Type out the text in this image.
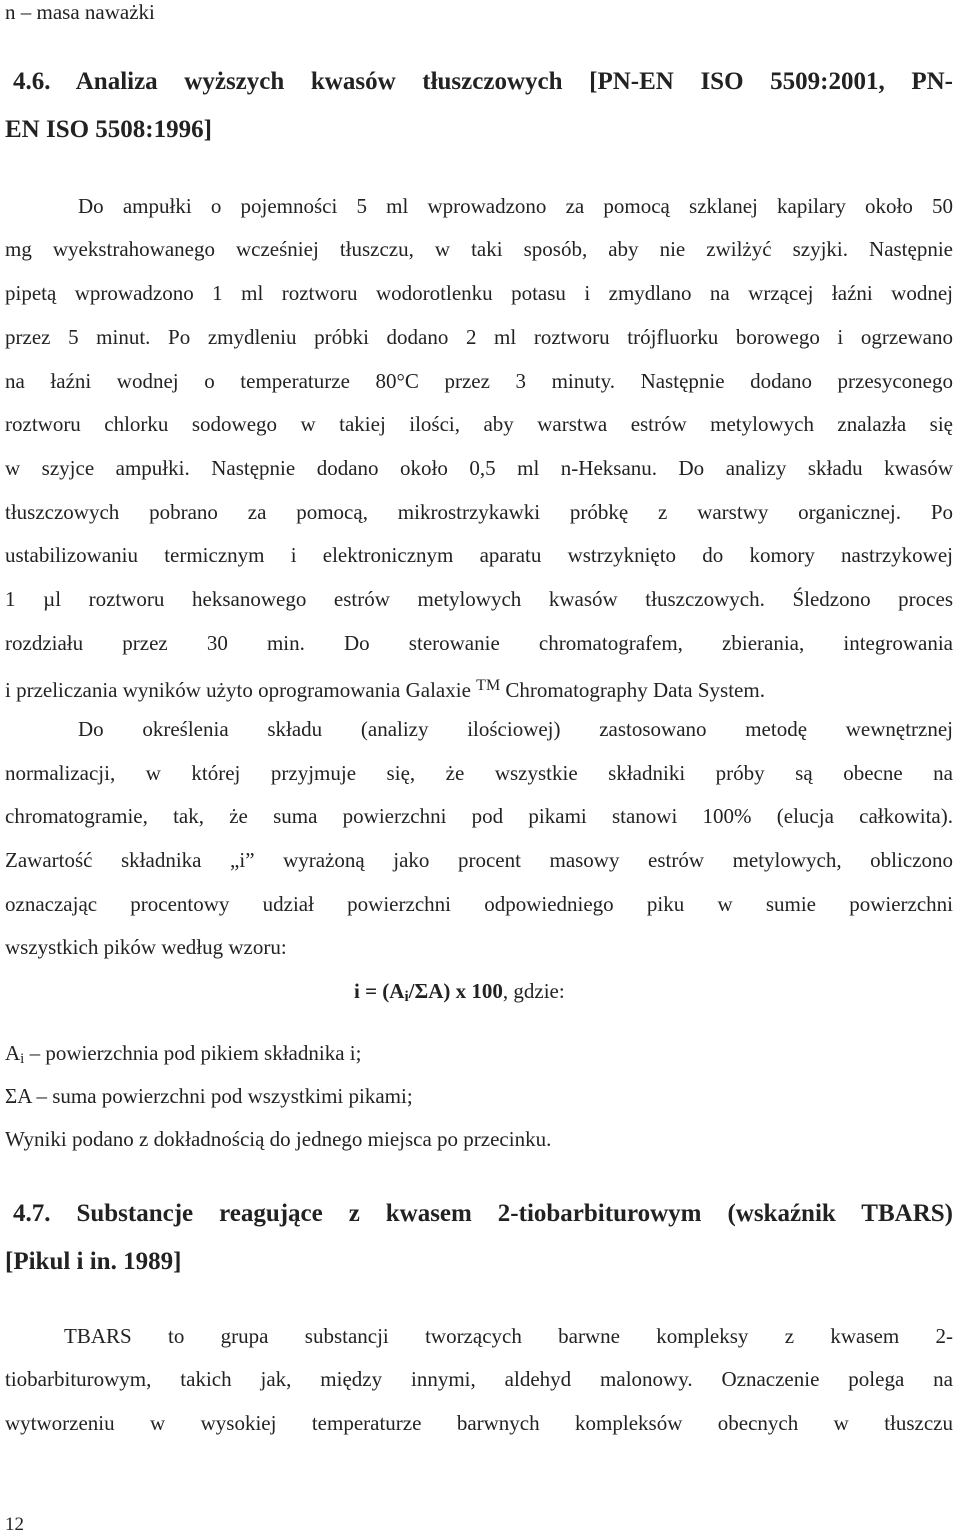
n – masa naważki
4.6. Analiza wyższych kwasów tłuszczowych [PN-EN ISO 5509:2001, PN-
EN ISO 5508:1996]
Do ampułki o pojemności 5 ml wprowadzono za pomocą szklanej kapilary około 50
mg wyekstrahowanego wcześniej tłuszczu, w taki sposób, aby nie zwilżyć szyjki. Następnie
pipetą wprowadzono 1 ml roztworu wodorotlenku potasu i zmydlano na wrzącej łaźni wodnej
przez 5 minut. Po zmydleniu próbki dodano 2 ml roztworu trójfluorku borowego i ogrzewano
na łaźni wodnej o temperaturze 80°C przez 3 minuty. Następnie dodano przesyconego
roztworu chlorku sodowego w takiej ilości, aby warstwa estrów metylowych znalazła się
w szyjce ampułki. Następnie dodano około 0,5 ml n-Heksanu. Do analizy składu kwasów
tłuszczowych pobrano za pomocą, mikrostrzykawki próbkę z warstwy organicznej. Po
ustabilizowaniu termicznym i elektronicznym aparatu wstrzyknięto do komory nastrzykowej
1 µl roztworu heksanowego estrów metylowych kwasów tłuszczowych. Śledzono proces
rozdziału przez 30 min. Do sterowanie chromatografem, zbierania, integrowania
i przeliczania wyników użyto oprogramowania Galaxie ™ Chromatography Data System.
Do określenia składu (analizy ilościowej) zastosowano metodę wewnętrznej
normalizacji, w której przyjmuje się, że wszystkie składniki próby są obecne na
chromatogramie, tak, że suma powierzchni pod pikami stanowi 100% (elucja całkowita).
Zawartość składnika „i” wyrażoną jako procent masowy estrów metylowych, obliczono
oznaczając procentowy udział powierzchni odpowiedniego piku w sumie powierzchni
wszystkich pików według wzoru:
$i = (A_i/\Sigma A)$ x 100, gdzie:
$A_i$ – powierzchnia pod pikiem składnika i;
ΣA – suma powierzchni pod wszystkimi pikami;
Wyniki podano z dokładnością do jednego miejsca po przecinku.
4.7. Substancje reagujące z kwasem 2-tiobarbiturowym (wskaźnik TBARS)
[Pikul i in. 1989]
TBARS to grupa substancji tworzących barwne kompleksy z kwasem 2-
tiobarbiturowym, takich jak, między innymi, aldehyd malonowy. Oznaczenie polega na
wytworzeniu w wysokiej temperaturze barwnych kompleksów obecnych w tłuszczu
12
